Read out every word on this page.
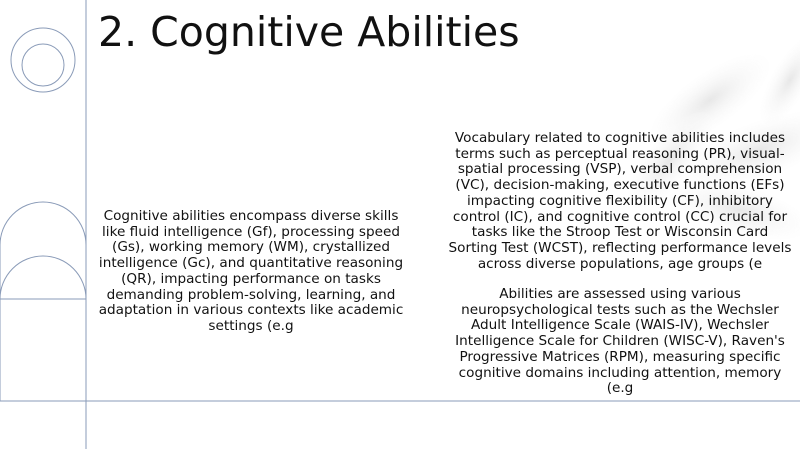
2. Cognitive Abilities

Cognitive abilities encompass diverse skills like fluid intelligence (Gf), processing speed (Gs), working memory (WM), crystallized intelligence (Gc), and quantitative reasoning (QR), impacting performance on tasks demanding problem-solving, learning, and adaptation in various contexts like academic settings (e.g

Vocabulary related to cognitive abilities includes terms such as perceptual reasoning (PR), visual-spatial processing (VSP), verbal comprehension (VC), decision-making, executive functions (EFs) impacting cognitive flexibility (CF), inhibitory control (IC), and cognitive control (CC) crucial for tasks like the Stroop Test or Wisconsin Card Sorting Test (WCST), reflecting performance levels across diverse populations, age groups (e

Abilities are assessed using various neuropsychological tests such as the Wechsler Adult Intelligence Scale (WAIS-IV), Wechsler Intelligence Scale for Children (WISC-V), Raven's Progressive Matrices (RPM), measuring specific cognitive domains including attention, memory (e.g
